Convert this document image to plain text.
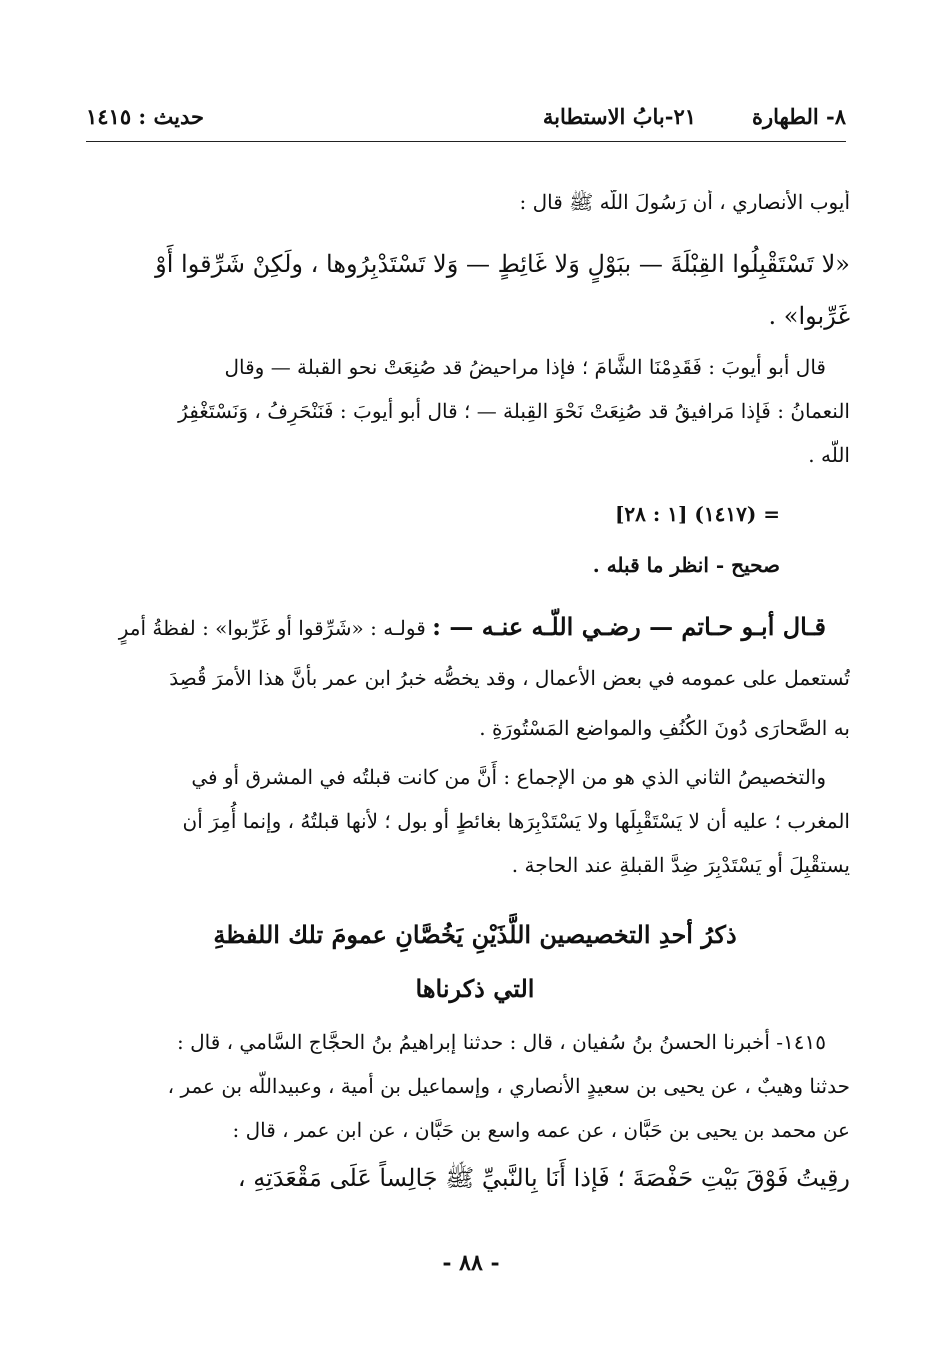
٨- الطهارة
٢١-بابُ الاستطابة
حديث : ١٤١٥
أيوب الأنصاري ، أن رَسُولَ اللّه ﷺ قال :
«لا تَسْتَقْبِلُوا القِبْلَةَ — ببَوْلٍ وَلا غَائِطٍ — وَلا تَسْتَدْبِرُوها ، ولَكِنْ شَرِّقوا أَوْ
غَرِّبوا» .
قال أبو أيوبَ : فَقَدِمْنَا الشَّامَ ؛ فإذا مراحيضُ قد صُنِعَتْ نحو القبلة — وقال
النعمانُ : فَإذا مَرافيقُ قد صُنِعَتْ نَحْوَ القِبلة — ؛ قال أبو أيوبَ : فَنَنْحَرِفُ ، وَنَسْتَغْفِرُ
اللّه .
= (١٤١٧) [١ : ٢٨]
صحيح - انظر ما قبله .
قـال أبـو حـاتم — رضـي اللّـه عنـه — : قولـه : «شَرِّقوا أو غَرِّبوا» : لفظةُ أمرٍ
تُستعمل على عمومه في بعض الأعمال ، وقد يخصُّه خبرُ ابن عمر بأنَّ هذا الأمرَ قُصِدَ
به الصَّحارَى دُونَ الكُنُفِ والمواضع المَسْتُورَةِ .
والتخصيصُ الثاني الذي هو من الإجماع : أَنَّ من كانت قبلتُه في المشرق أو في
المغرب ؛ عليه أن لا يَسْتَقْبِلَها ولا يَسْتَدْبِرَها بغائطٍ أو بول ؛ لأنها قبلتُهُ ، وإنما أُمِرَ أن
يستقْبِلَ أو يَسْتَدْبِرَ ضِدَّ القبلةِ عند الحاجة .
ذكرُ أحدِ التخصيصين اللَّذَيْنِ يَخُصَّانِ عمومَ تلك اللفظةِ
التي ذكرناها
١٤١٥- أخبرنا الحسنُ بنُ سُفيان ، قال : حدثنا إبراهيمُ بنُ الحجَّاج السَّامي ، قال :
حدثنا وهيبٌ ، عن يحيى بن سعيدٍ الأنصاري ، وإسماعيل بن أمية ، وعبيداللّه بن عمر ،
عن محمد بن يحيى بن حَبَّان ، عن عمه واسع بن حَبَّان ، عن ابن عمر ، قال :
رقِيتُ فَوْقَ بَيْتِ حَفْصَةَ ؛ فَإذا أَنَا بِالنَّبيِّ ﷺ جَالِساً عَلَى مَقْعَدَتِهِ ،
- ٨٨ -
